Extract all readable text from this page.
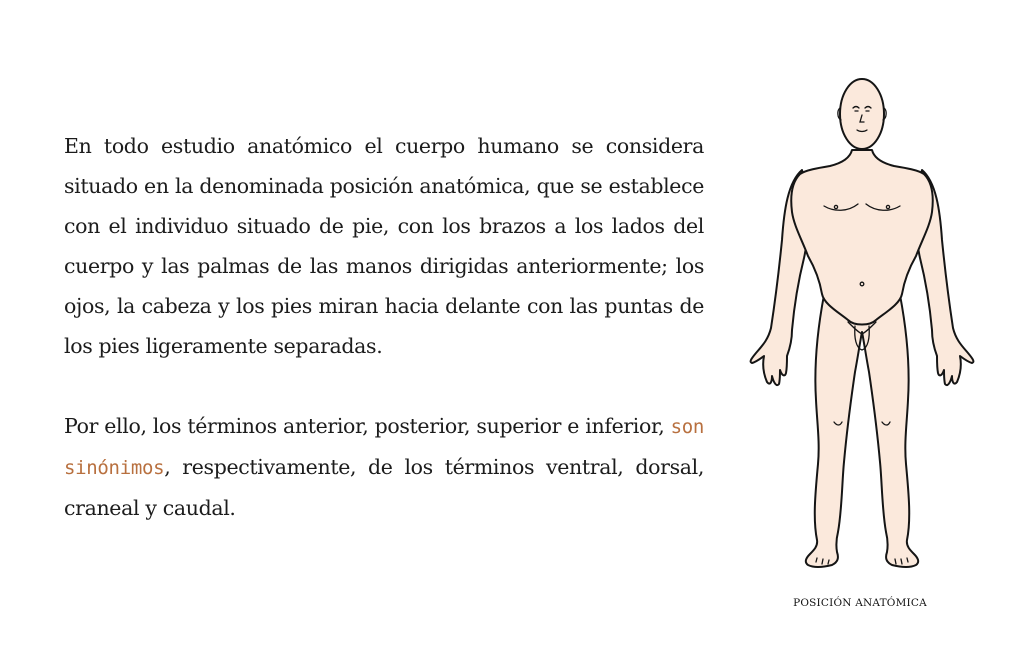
En todo estudio anatómico el cuerpo humano se considera situado en la denominada posición anatómica, que se establece con el individuo situado de pie, con los brazos a los lados del cuerpo y las palmas de las manos dirigidas anteriormente; los ojos, la cabeza y los pies miran hacia delante con las puntas de los pies ligeramente separadas.

Por ello, los términos anterior, posterior, superior e inferior, son sinónimos, respectivamente, de los términos ventral, dorsal, craneal y caudal.

POSICIÓN ANATÓMICA
